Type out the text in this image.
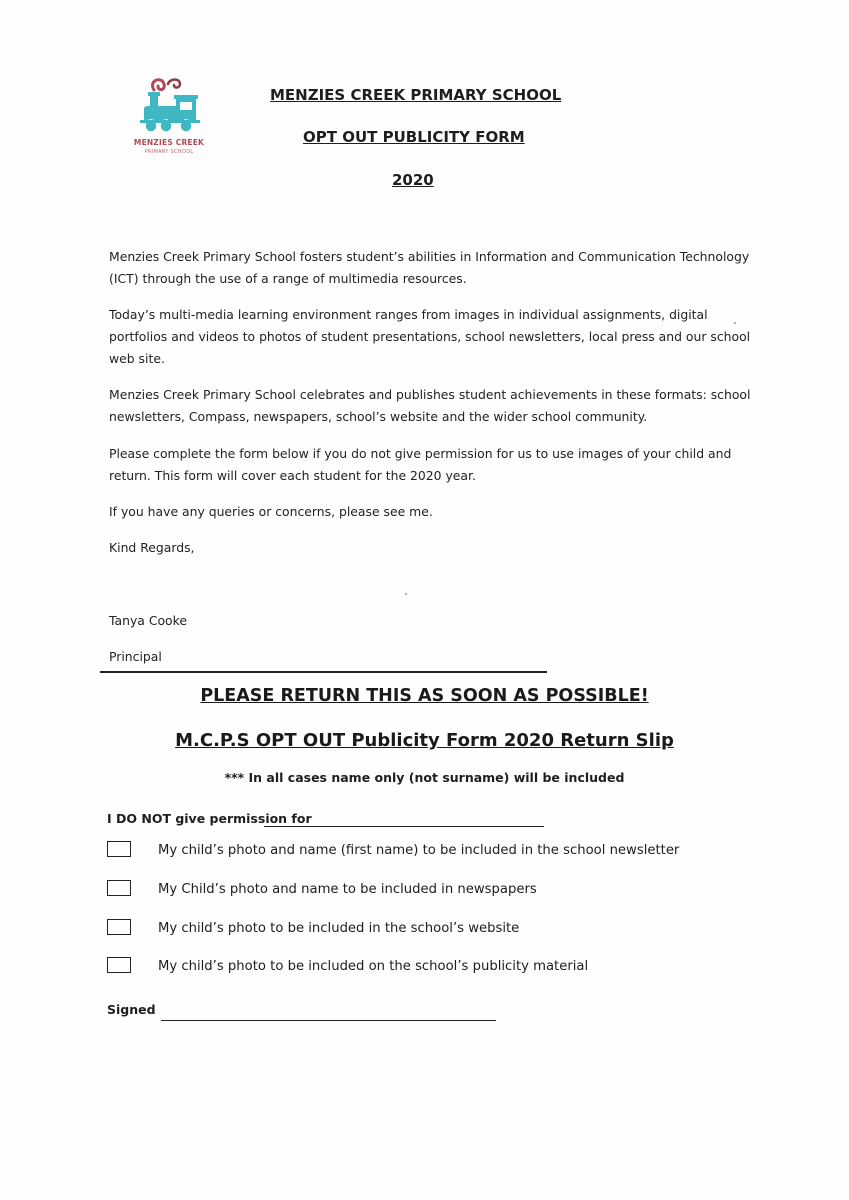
MENZIES CREEK
PRIMARY SCHOOL
MENZIES CREEK PRIMARY SCHOOL
OPT OUT PUBLICITY FORM
2020
Menzies Creek Primary School fosters student’s abilities in Information and Communication Technology (ICT) through the use of a range of multimedia resources.
Today’s multi-media learning environment ranges from images in individual assignments, digital portfolios and videos to photos of student presentations, school newsletters, local press and our school web site.
Menzies Creek Primary School celebrates and publishes student achievements in these formats: school newsletters, Compass, newspapers, school’s website and the wider school community.
Please complete the form below if you do not give permission for us to use images of your child and return. This form will cover each student for the 2020 year.
If you have any queries or concerns, please see me.
Kind Regards,
Tanya Cooke
Principal
PLEASE RETURN THIS AS SOON AS POSSIBLE!
M.C.P.S OPT OUT Publicity Form 2020 Return Slip
*** In all cases name only (not surname) will be included
I DO NOT give permission for
My child’s photo and name (first name) to be included in the school newsletter
My Child’s photo and name to be included in newspapers
My child’s photo to be included in the school’s website
My child’s photo to be included on the school’s publicity material
Signed
